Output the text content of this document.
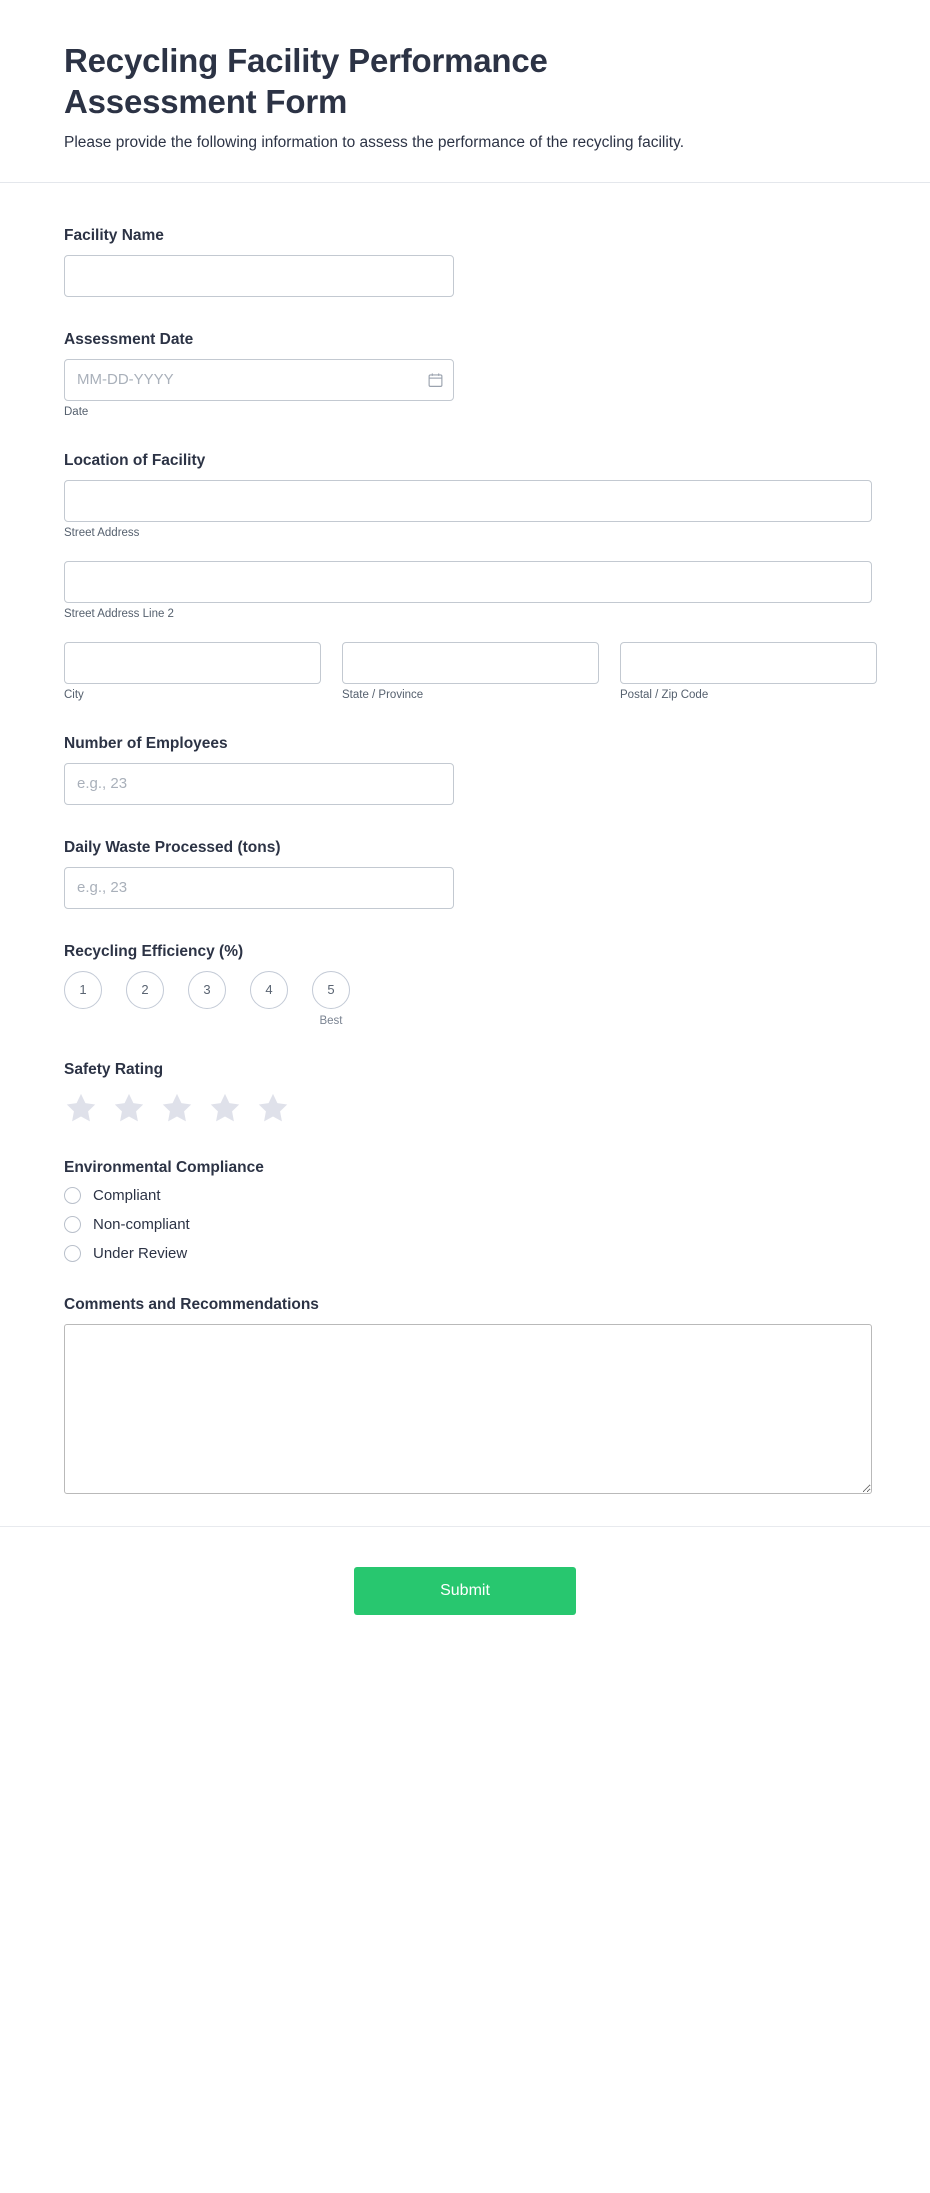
Recycling Facility Performance Assessment Form

Please provide the following information to assess the performance of the recycling facility.

Facility Name
Assessment Date
MM-DD-YYYY
Date
Location of Facility
Street Address
Street Address Line 2
City	State / Province	Postal / Zip Code
Number of Employees
e.g., 23
Daily Waste Processed (tons)
e.g., 23
Recycling Efficiency (%)
1	2	3	4	5
Best
Safety Rating
Environmental Compliance
Compliant
Non-compliant
Under Review
Comments and Recommendations
Submit
